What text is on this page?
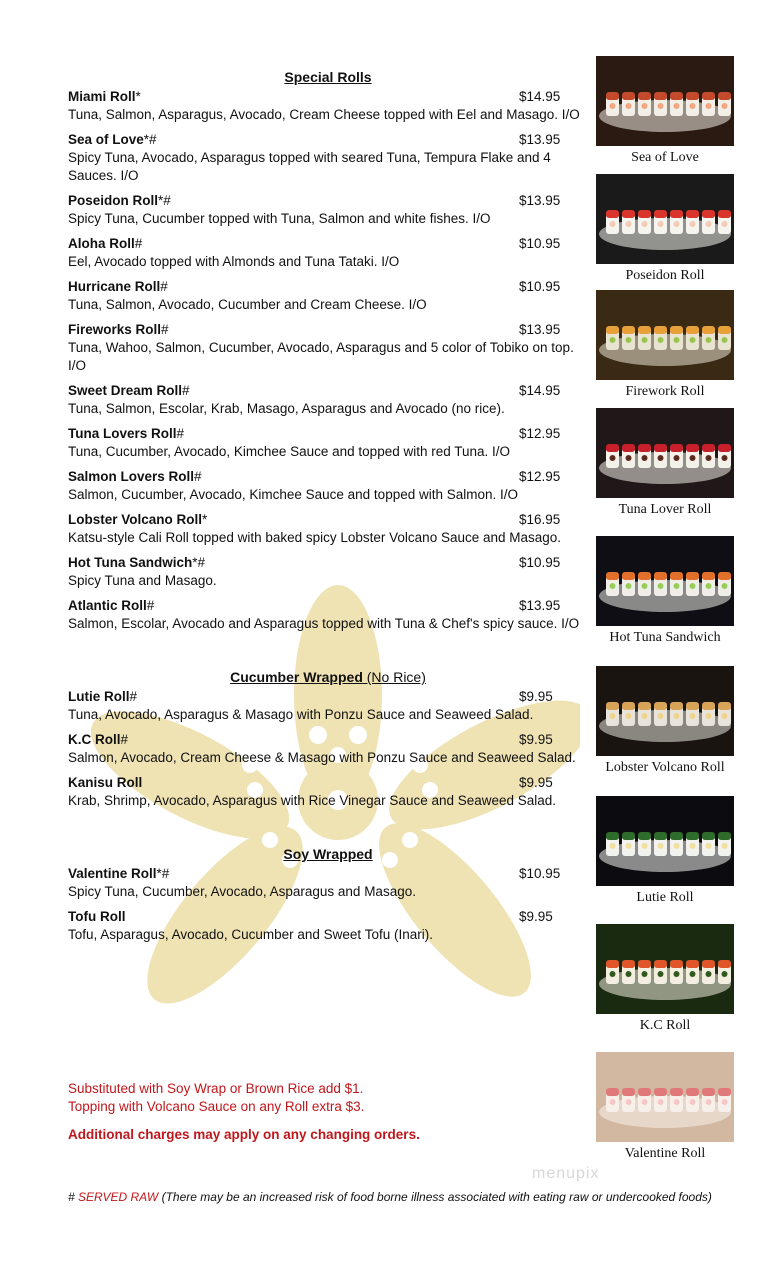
menupix
Special Rolls
Miami Roll*	$14.95
Tuna, Salmon, Asparagus, Avocado, Cream Cheese topped with Eel and Masago. I/O
Sea of Love*#	$13.95
Spicy Tuna, Avocado, Asparagus topped with seared Tuna, Tempura Flake and 4 Sauces. I/O
Poseidon Roll*#	$13.95
Spicy Tuna, Cucumber topped with Tuna, Salmon and white fishes. I/O
Aloha Roll#	$10.95
Eel, Avocado topped with Almonds and Tuna Tataki. I/O
Hurricane Roll#	$10.95
Tuna, Salmon, Avocado, Cucumber and Cream Cheese. I/O
Fireworks Roll#	$13.95
Tuna, Wahoo, Salmon, Cucumber, Avocado, Asparagus and 5 color of Tobiko on top. I/O
Sweet Dream Roll#	$14.95
Tuna, Salmon, Escolar, Krab, Masago, Asparagus and Avocado (no rice).
Tuna Lovers Roll#	$12.95
Tuna, Cucumber, Avocado, Kimchee Sauce and topped with red Tuna. I/O
Salmon Lovers Roll#	$12.95
Salmon, Cucumber, Avocado, Kimchee Sauce and topped with Salmon. I/O
Lobster Volcano Roll*	$16.95
Katsu-style Cali Roll topped with baked spicy Lobster Volcano Sauce and Masago.
Hot Tuna Sandwich*#	$10.95
Spicy Tuna and Masago.
Atlantic Roll#	$13.95
Salmon, Escolar, Avocado and Asparagus topped with Tuna & Chef's spicy sauce. I/O
Cucumber Wrapped (No Rice)
Lutie Roll#	$9.95
Tuna, Avocado, Asparagus & Masago with Ponzu Sauce and Seaweed Salad.
K.C Roll#	$9.95
Salmon, Avocado, Cream Cheese & Masago with Ponzu Sauce and Seaweed Salad.
Kanisu Roll	$9.95
Krab, Shrimp, Avocado, Asparagus with Rice Vinegar Sauce and Seaweed Salad.
Soy Wrapped
Valentine Roll*#	$10.95
Spicy Tuna, Cucumber, Avocado, Asparagus and Masago.
Tofu Roll	$9.95
Tofu, Asparagus, Avocado, Cucumber and Sweet Tofu (Inari).
Substituted with Soy Wrap or Brown Rice add $1.
Topping with Volcano Sauce on any Roll extra $3.
Additional charges may apply on any changing orders.
# SERVED RAW (There may be an increased risk of food borne illness associated with eating raw or undercooked foods)
Sea of Love
Poseidon Roll
Firework Roll
Tuna Lover Roll
Hot Tuna Sandwich
Lobster Volcano Roll
Lutie Roll
K.C Roll
Valentine Roll
